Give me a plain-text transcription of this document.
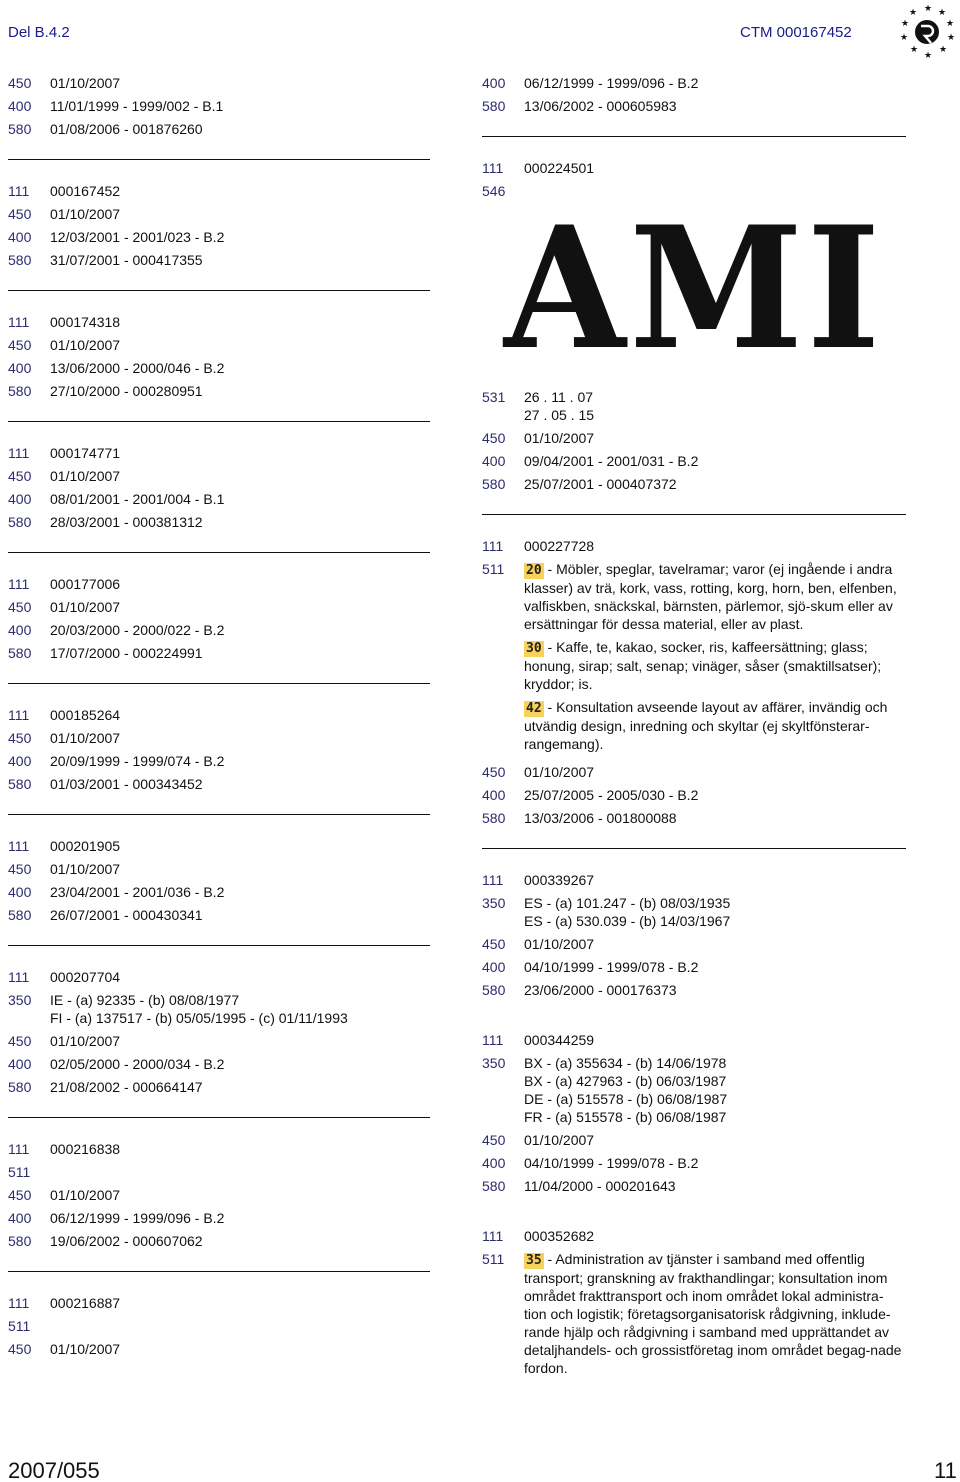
Del B.4.2	CTM 000167452
★ ★
★
★
★
★
★
★
★
★
450	01/10/2007
400	11/01/1999 - 1999/002 - B.1
580	01/08/2006 - 001876260
111	000167452
450	01/10/2007
400	12/03/2001 - 2001/023 - B.2
580	31/07/2001 - 000417355
111	000174318
450	01/10/2007
400	13/06/2000 - 2000/046 - B.2
580	27/10/2000 - 000280951
111	000174771
450	01/10/2007
400	08/01/2001 - 2001/004 - B.1
580	28/03/2001 - 000381312
111	000177006
450	01/10/2007
400	20/03/2000 - 2000/022 - B.2
580	17/07/2000 - 000224991
111	000185264
450	01/10/2007
400	20/09/1999 - 1999/074 - B.2
580	01/03/2001 - 000343452
111	000201905
450	01/10/2007
400	23/04/2001 - 2001/036 - B.2
580	26/07/2001 - 000430341
111	000207704
350	IE - (a) 92335 - (b) 08/08/1977
FI - (a) 137517 - (b) 05/05/1995 - (c) 01/11/1993
450	01/10/2007
400	02/05/2000 - 2000/034 - B.2
580	21/08/2002 - 000664147
111	000216838
511
450	01/10/2007
400	06/12/1999 - 1999/096 - B.2
580	19/06/2002 - 000607062
111	000216887
511
450	01/10/2007
400	06/12/1999 - 1999/096 - B.2
580	13/06/2002 - 000605983
111	000224501
546
AMI
531	26 . 11 . 07
27 . 05 . 15
450	01/10/2007
400	09/04/2001 - 2001/031 - B.2
580	25/07/2001 - 000407372
111	000227728
511	20 - Möbler, speglar, tavelramar; varor (ej ingående i andra klasser) av trä, kork, vass, rotting, korg, horn, ben, elfenben, valfiskben, snäckskal, bärnsten, pärlemor, sjö-skum eller av ersättningar för dessa material, eller av plast.
30 - Kaffe, te, kakao, socker, ris, kaffeersättning; glass; honung, sirap; salt, senap; vinäger, såser (smaktillsatser); kryddor; is.
42 - Konsultation avseende layout av affärer, invändig och utvändig design, inredning och skyltar (ej skyltfönsterar-rangemang).
450	01/10/2007
400	25/07/2005 - 2005/030 - B.2
580	13/03/2006 - 001800088
111	000339267
350	ES - (a) 101.247 - (b) 08/03/1935
ES - (a) 530.039 - (b) 14/03/1967
450	01/10/2007
400	04/10/1999 - 1999/078 - B.2
580	23/06/2000 - 000176373
111	000344259
350	BX - (a) 355634 - (b) 14/06/1978
BX - (a) 427963 - (b) 06/03/1987
DE - (a) 515578 - (b) 06/08/1987
FR - (a) 515578 - (b) 06/08/1987
450	01/10/2007
400	04/10/1999 - 1999/078 - B.2
580	11/04/2000 - 000201643
111	000352682
511	35 - Administration av tjänster i samband med offentlig transport; granskning av frakthandlingar; konsultation inom området frakttransport och inom området lokal administra-tion och logistik; företagsorganisatorisk rådgivning, inklude-rande hjälp och rådgivning i samband med upprättandet av detaljhandels- och grossistföretag inom området begag-nade fordon.
2007/055	11
